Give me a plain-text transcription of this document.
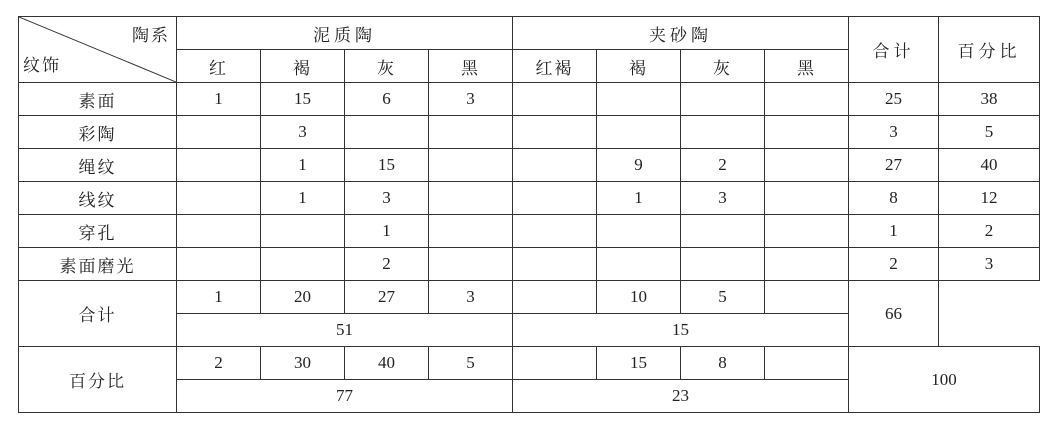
陶系
纹饰	泥质陶				夹砂陶				合计	百分比
	红	褐	灰	黑	红褐	褐	灰	黑		
素面	1	15	6	3					25	38
彩陶		3							3	5
绳纹		1	15			9	2		27	40
线纹		1	3			1	3		8	12
穿孔			1						1	2
素面磨光			2						2	3
合计	1	20	27	3		10	5		66	
	51				15					
百分比	2	30	40	5		15	8		100	
	77				23					
